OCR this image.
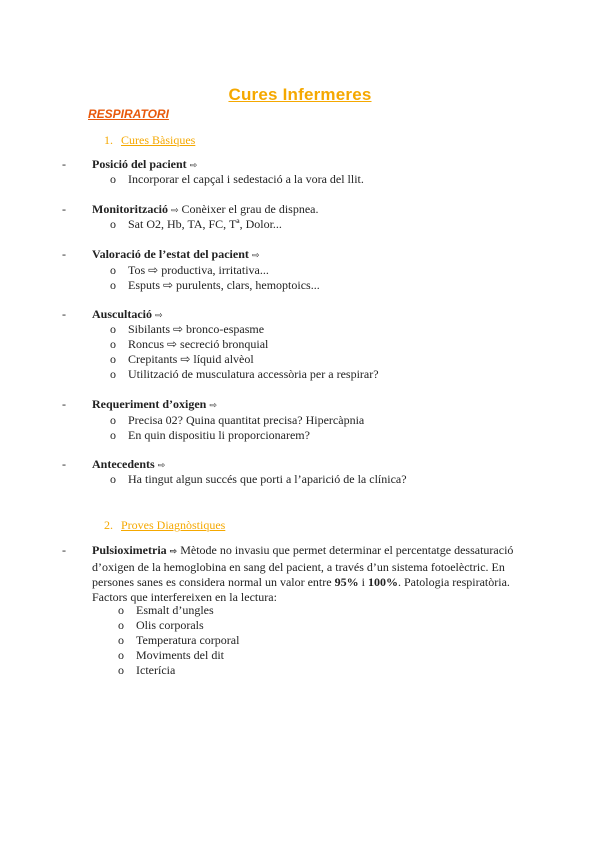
Cures Infermeres
RESPIRATORI
1. Cures Bàsiques
- Posició del pacient ⇨
o Incorporar el capçal i sedestació a la vora del llit.
- Monitorització ⇨ Conèixer el grau de dispnea.
o Sat O2, Hb, TA, FC, Tª, Dolor...
- Valoració de l’estat del pacient ⇨
o Tos ⇨ productiva, irritativa...
o Esputs ⇨ purulents, clars, hemoptoics...
- Auscultació ⇨
o Sibilants ⇨ bronco-espasme
o Roncus ⇨ secreció bronquial
o Crepitants ⇨ líquid alvèol
o Utilització de musculatura accessòria per a respirar?
- Requeriment d’oxigen ⇨
o Precisa 02? Quina quantitat precisa? Hipercàpnia
o En quin dispositiu li proporcionarem?
- Antecedents ⇨
o Ha tingut algun succés que porti a l’aparició de la clínica?
2. Proves Diagnòstiques
- Pulsioximetria ⇨ Mètode no invasiu que permet determinar el percentatge dessaturació
d’oxigen de la hemoglobina en sang del pacient, a través d’un sistema fotoelèctric. En
persones sanes es considera normal un valor entre 95% i 100%. Patologia respiratòria.
Factors que interfereixen en la lectura:
o Esmalt d’ungles
o Olis corporals
o Temperatura corporal
o Moviments del dit
o Icterícia
